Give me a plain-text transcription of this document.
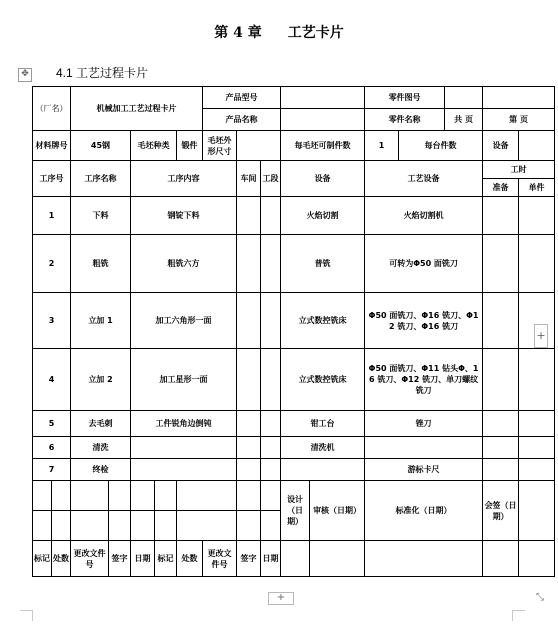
第 4 章 工艺卡片
✥ 4.1 工艺过程卡片
（厂名）		机械加工工艺过程卡片					产品型号					零件图号				
							产品名称					零件名称		共 页	第 页	
材料牌号		45钢		毛坯种类		锻件	毛坯外形尺寸			每毛坯可制件数		1	每台件数		设备	
工序号		工序名称		工序内容				车间	工段	设备		工艺设备			工时	
															准备	单件
1		下料		钢锭下料						火焰切割		火焰切割机				
2		粗铣		粗铣六方						普铣		可转为Φ50 面铣刀				
3		立加 1		加工六角形一面						立式数控铣床		Φ50 面铣刀、Φ16 铣刀、Φ12 铣刀、Φ16 铣刀				
4		立加 2		加工星形一面						立式数控铣床		Φ50 面铣刀、Φ11 钻头Φ、16 铣刀、Φ12 铣刀、单刀螺纹铣刀				
5		去毛刺		工件锐角边倒钝						钳工台		锉刀				
6		清洗								清洗机						
7		终检										游标卡尺				
										设计（日期）	审核（日期）	标准化（日期）			会签（日期）	

标记	处数	更改文件号	签字	日期	标记	处数	更改文件号	签字	日期							
+
+	⤡
